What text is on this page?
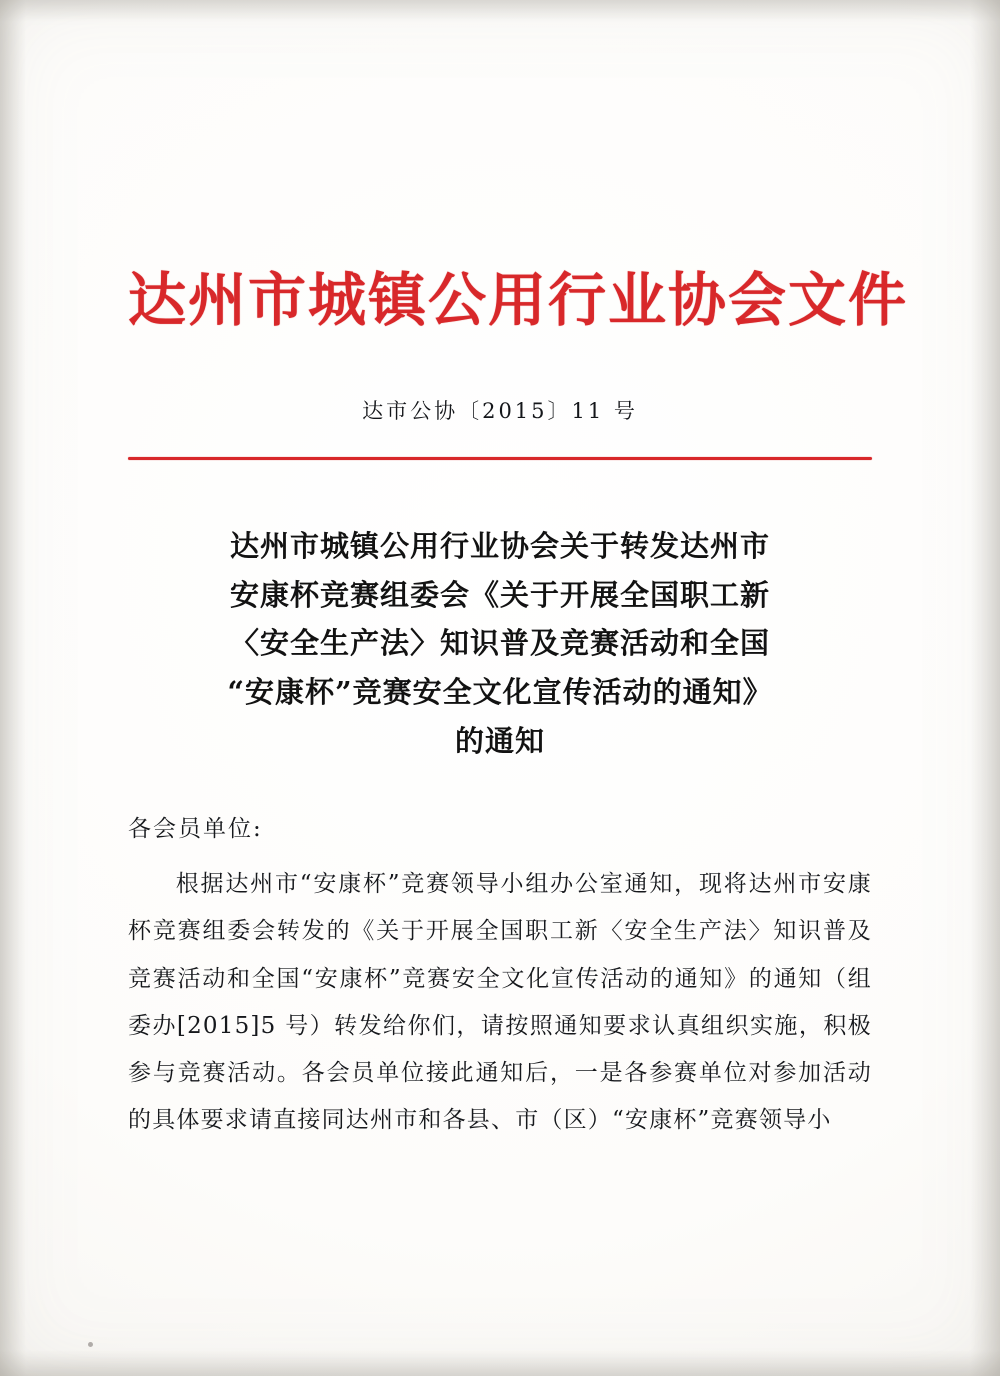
达州市城镇公用行业协会文件
达市公协〔2015〕11 号
达州市城镇公用行业协会关于转发达州市
安康杯竞赛组委会《关于开展全国职工新
〈安全生产法〉知识普及竞赛活动和全国
“安康杯”竞赛安全文化宣传活动的通知》
的通知
各会员单位:
根据达州市“安康杯”竞赛领导小组办公室通知，现将达州市安康杯竞赛组委会转发的《关于开展全国职工新〈安全生产法〉知识普及竞赛活动和全国“安康杯”竞赛安全文化宣传活动的通知》的通知（组委办[2015]5 号）转发给你们，请按照通知要求认真组织实施，积极参与竞赛活动。各会员单位接此通知后，一是各参赛单位对参加活动的具体要求请直接同达州市和各县、市（区）“安康杯”竞赛领导小
